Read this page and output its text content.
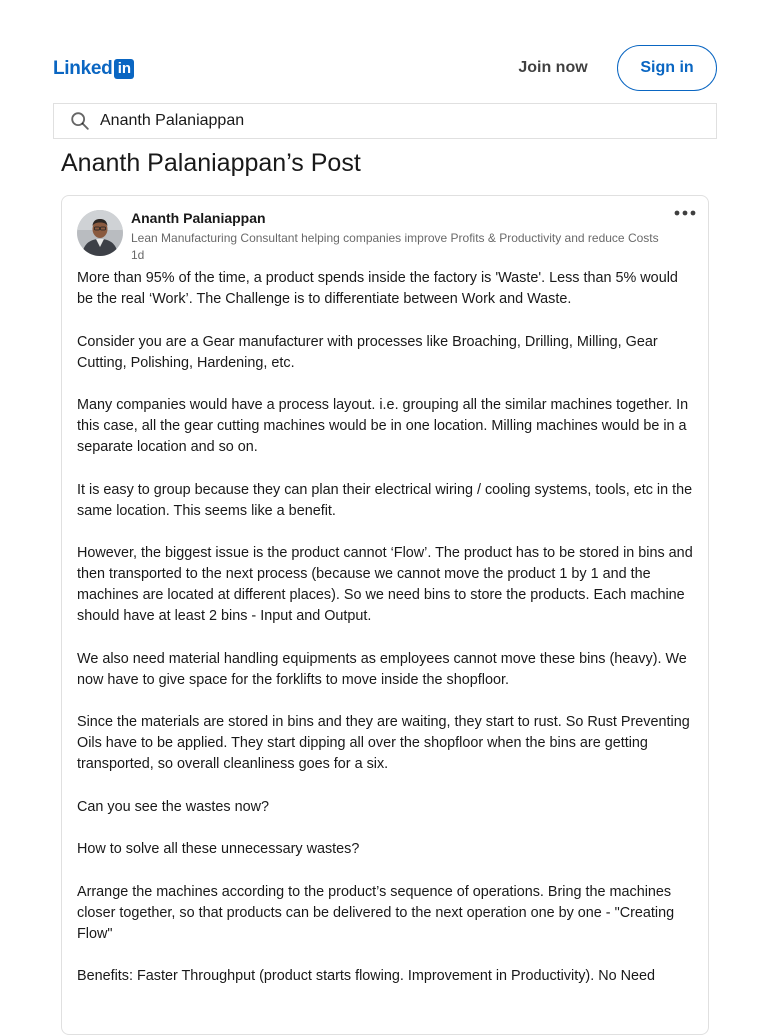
Linked in	Join now	Sign in
Ananth Palaniappan
Ananth Palaniappan’s Post
Ananth Palaniappan
Lean Manufacturing Consultant helping companies improve Profits & Productivity and reduce Costs
1d

More than 95% of the time, a product spends inside the factory is 'Waste'. Less than 5% would be the real ‘Work’. The Challenge is to differentiate between Work and Waste.

Consider you are a Gear manufacturer with processes like Broaching, Drilling, Milling, Gear Cutting, Polishing, Hardening, etc.

Many companies would have a process layout. i.e. grouping all the similar machines together. In this case, all the gear cutting machines would be in one location. Milling machines would be in a separate location and so on.

It is easy to group because they can plan their electrical wiring / cooling systems, tools, etc in the same location. This seems like a benefit.

However, the biggest issue is the product cannot ‘Flow’. The product has to be stored in bins and then transported to the next process (because we cannot move the product 1 by 1 and the machines are located at different places). So we need bins to store the products. Each machine should have at least 2 bins - Input and Output.

We also need material handling equipments as employees cannot move these bins (heavy). We now have to give space for the forklifts to move inside the shopfloor.

Since the materials are stored in bins and they are waiting, they start to rust. So Rust Preventing Oils have to be applied. They start dipping all over the shopfloor when the bins are getting transported, so overall cleanliness goes for a six.

Can you see the wastes now?

How to solve all these unnecessary wastes?

Arrange the machines according to the product’s sequence of operations. Bring the machines closer together, so that products can be delivered to the next operation one by one - "Creating Flow"

Benefits: Faster Throughput (product starts flowing. Improvement in Productivity). No Need
